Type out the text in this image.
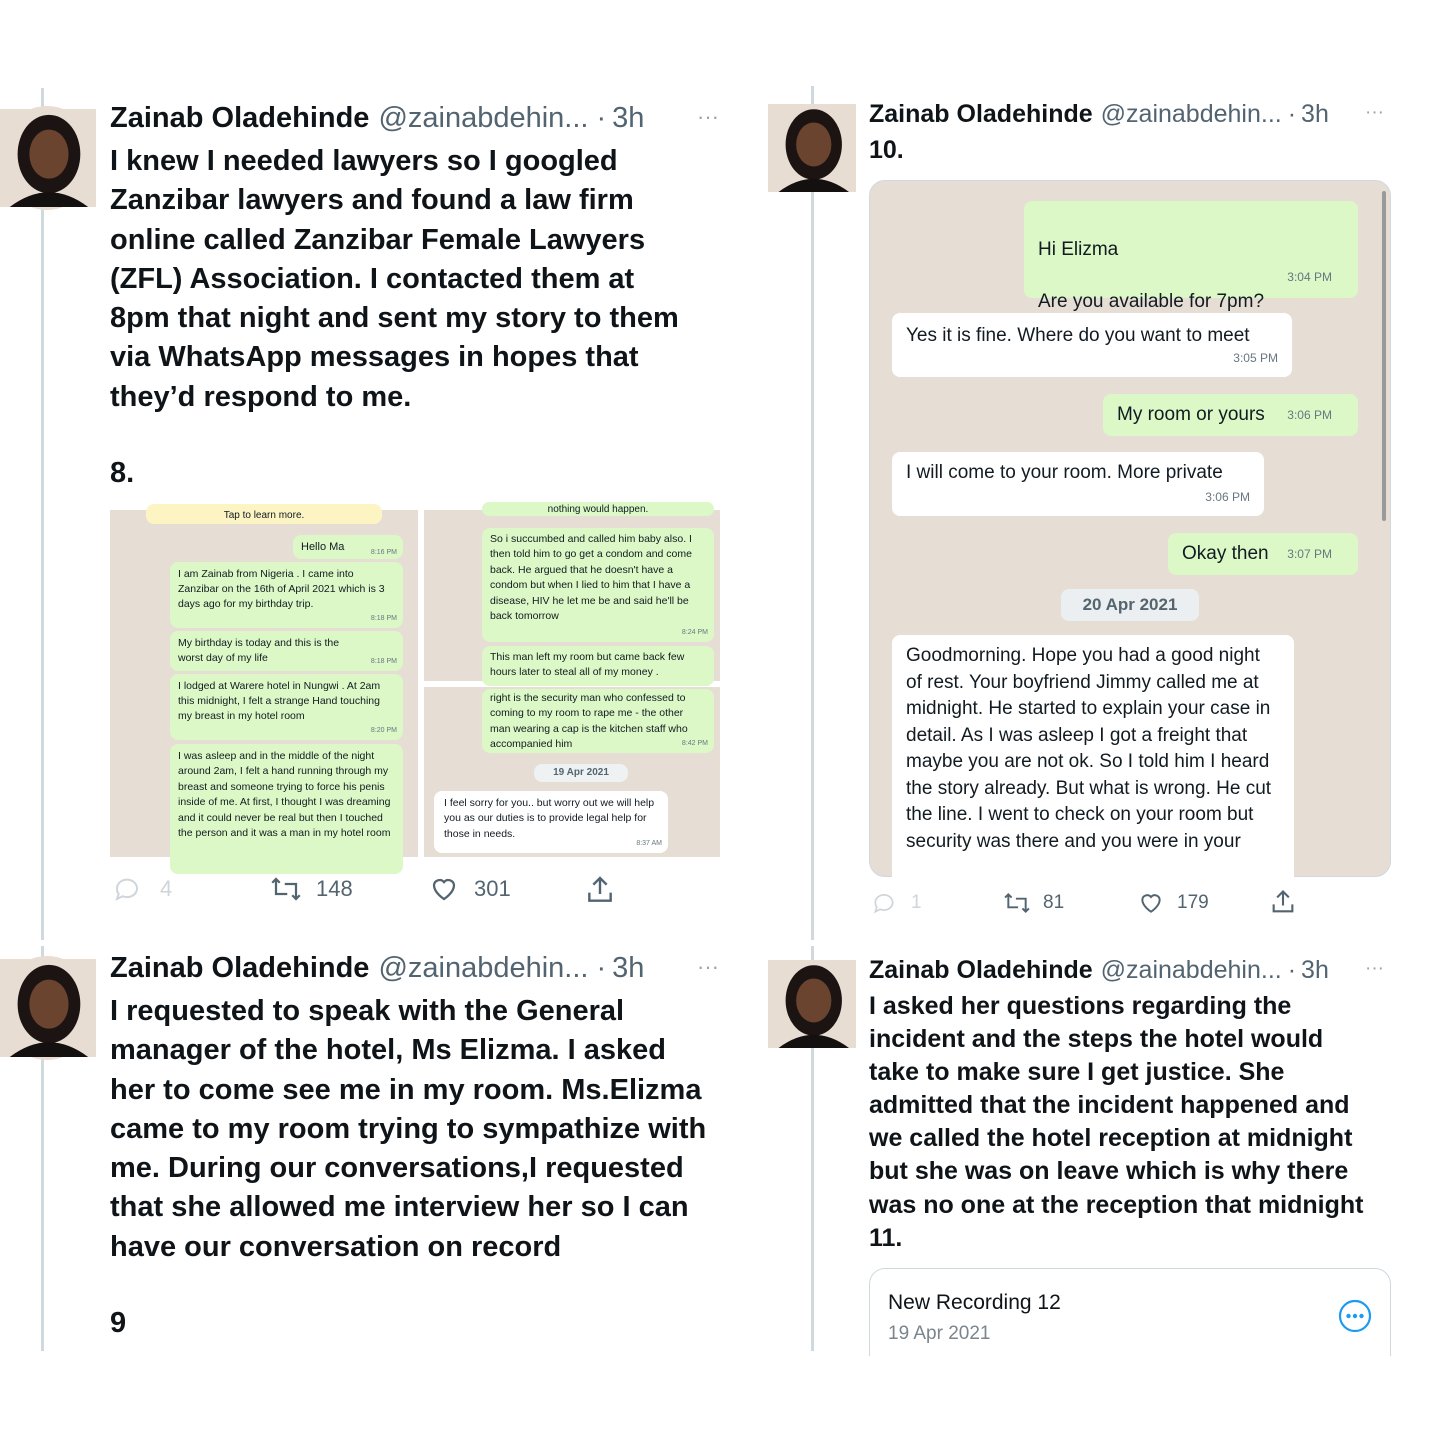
Zainab Oladehinde @zainabdehin... · 3h ···
I knew I needed lawyers so I googled
Zanzibar lawyers and found a law firm
online called Zanzibar Female Lawyers
(ZFL) Association. I contacted them at
8pm that night and sent my story to them
via WhatsApp messages in hopes that
they’d respond to me.
8.
Tap to learn more.
Hello Ma	8:16 PM
I am Zainab from Nigeria . I came into Zanzibar on the 16th of April 2021 which is 3 days ago for my birthday trip.
8:18 PM
My birthday is today and this is the worst day of my life	8:18 PM
I lodged at Warere hotel in Nungwi . At 2am this midnight, I felt a strange Hand touching my breast in my hotel room
8:20 PM
I was asleep and in the middle of the night around 2am, I felt a hand running through my breast and someone trying to force his penis inside of me. At first, I thought I was dreaming and it could never be real but then I touched the person and it was a man in my hotel room
nothing would happen.
So i succumbed and called him baby also. I then told him to go get a condom and come back. He argued that he doesn't have a condom but when I lied to him that I have a disease, HIV he let me be and said he'll be back tomorrow
8:24 PM
This man left my room but came back few hours later to steal all of my money .
right is the security man who confessed to coming to my room to rape me - the other man wearing a cap is the kitchen staff who accompanied him	8:42 PM
19 Apr 2021
I feel sorry for you.. but worry out we will help you as our duties is to provide legal help for those in needs.
8:37 AM
4	148	301
Zainab Oladehinde @zainabdehin... · 3h ···
10.

Hi Elizma

Are you available for 7pm?

3:04 PM

Yes it is fine. Where do you want to meet
3:05 PM
My room or yours	3:06 PM
I will come to your room. More private
3:06 PM
Okay then	3:07 PM
20 Apr 2021
Goodmorning. Hope you had a good night of rest. Your boyfriend Jimmy called me at midnight. He started to explain your case in detail. As I was asleep I got a freight that maybe you are not ok. So I told him I heard the story already. But what is wrong. He cut the line. I went to check on your room but security was there and you were in your
1	81	179
Zainab Oladehinde @zainabdehin... · 3h ···
I requested to speak with the General
manager of the hotel, Ms Elizma. I asked
her to come see me in my room. Ms.Elizma
came to my room trying to sympathize with
me. During our conversations,I requested
that she allowed me interview her so I can
have our conversation on record
9
Zainab Oladehinde @zainabdehin... · 3h ···
I asked her questions regarding the
incident and the steps the hotel would
take to make sure I get justice. She
admitted that the incident happened and
we called the hotel reception at midnight
but she was on leave which is why there
was no one at the reception that midnight
11.
New Recording 12
19 Apr 2021
